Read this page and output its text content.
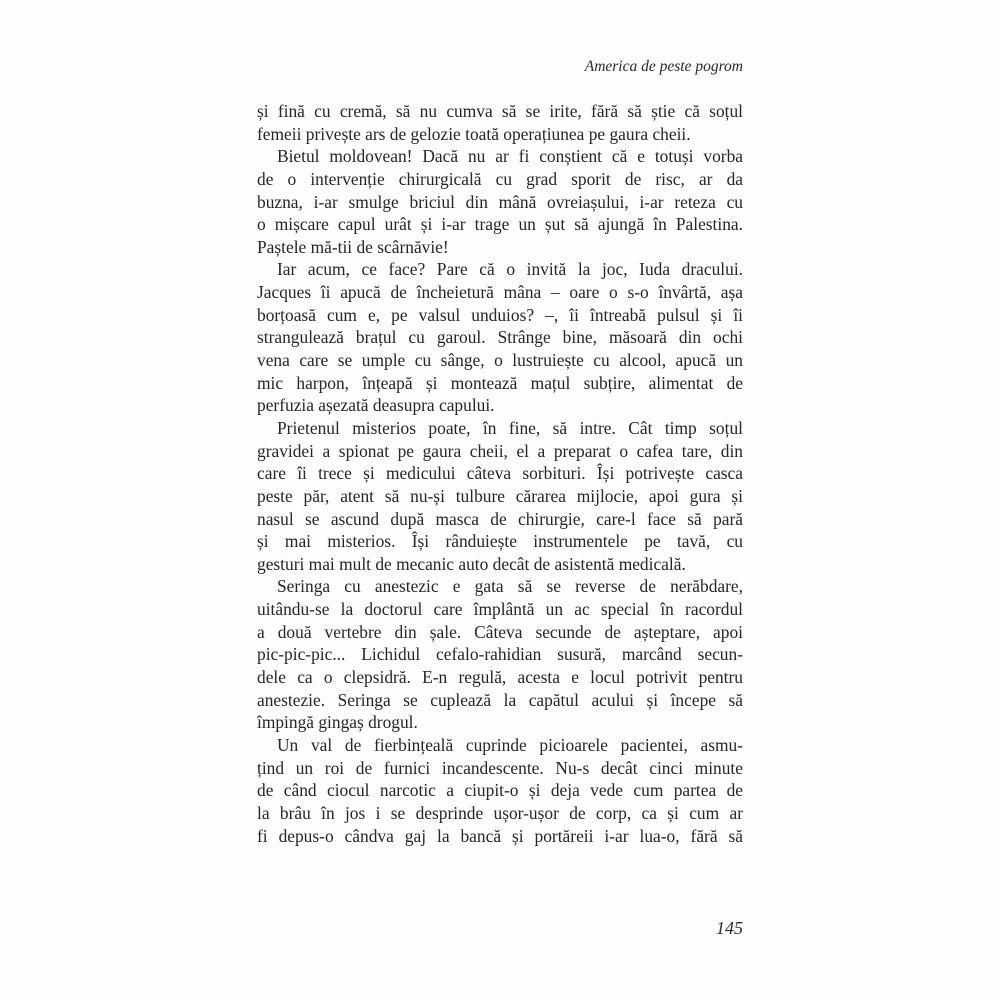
America de peste pogrom
și fină cu cremă, să nu cumva să se irite, fără să știe că soțul
femeii privește ars de gelozie toată operațiunea pe gaura cheii.
Bietul moldovean! Dacă nu ar fi conștient că e totuși vorba
de o intervenție chirurgicală cu grad sporit de risc, ar da
buzna, i-ar smulge briciul din mână ovreiașului, i-ar reteza cu
o mișcare capul urât și i-ar trage un șut să ajungă în Palestina.
Paștele mă-tii de scârnăvie!
Iar acum, ce face? Pare că o invită la joc, Iuda dracului.
Jacques îi apucă de încheietură mâna – oare o s-o învârtă, așa
borțoasă cum e, pe valsul unduios? –, îi întreabă pulsul și îi
strangulează brațul cu garoul. Strânge bine, măsoară din ochi
vena care se umple cu sânge, o lustruiește cu alcool, apucă un
mic harpon, înțeapă și montează mațul subțire, alimentat de
perfuzia așezată deasupra capului.
Prietenul misterios poate, în fine, să intre. Cât timp soțul
gravidei a spionat pe gaura cheii, el a preparat o cafea tare, din
care îi trece și medicului câteva sorbituri. Își potrivește casca
peste păr, atent să nu-și tulbure cărarea mijlocie, apoi gura și
nasul se ascund după masca de chirurgie, care-l face să pară
și mai misterios. Își rânduiește instrumentele pe tavă, cu
gesturi mai mult de mecanic auto decât de asistentă medicală.
Seringa cu anestezic e gata să se reverse de nerăbdare,
uitându-se la doctorul care împlântă un ac special în racordul
a două vertebre din șale. Câteva secunde de așteptare, apoi
pic-pic-pic... Lichidul cefalo-rahidian susură, marcând secun-
dele ca o clepsidră. E-n regulă, acesta e locul potrivit pentru
anestezie. Seringa se cuplează la capătul acului și începe să
împingă gingaș drogul.
Un val de fierbințeală cuprinde picioarele pacientei, asmu-
țind un roi de furnici incandescente. Nu-s decât cinci minute
de când ciocul narcotic a ciupit-o și deja vede cum partea de
la brâu în jos i se desprinde ușor-ușor de corp, ca și cum ar
fi depus-o cândva gaj la bancă și portăreii i-ar lua-o, fără să
145
